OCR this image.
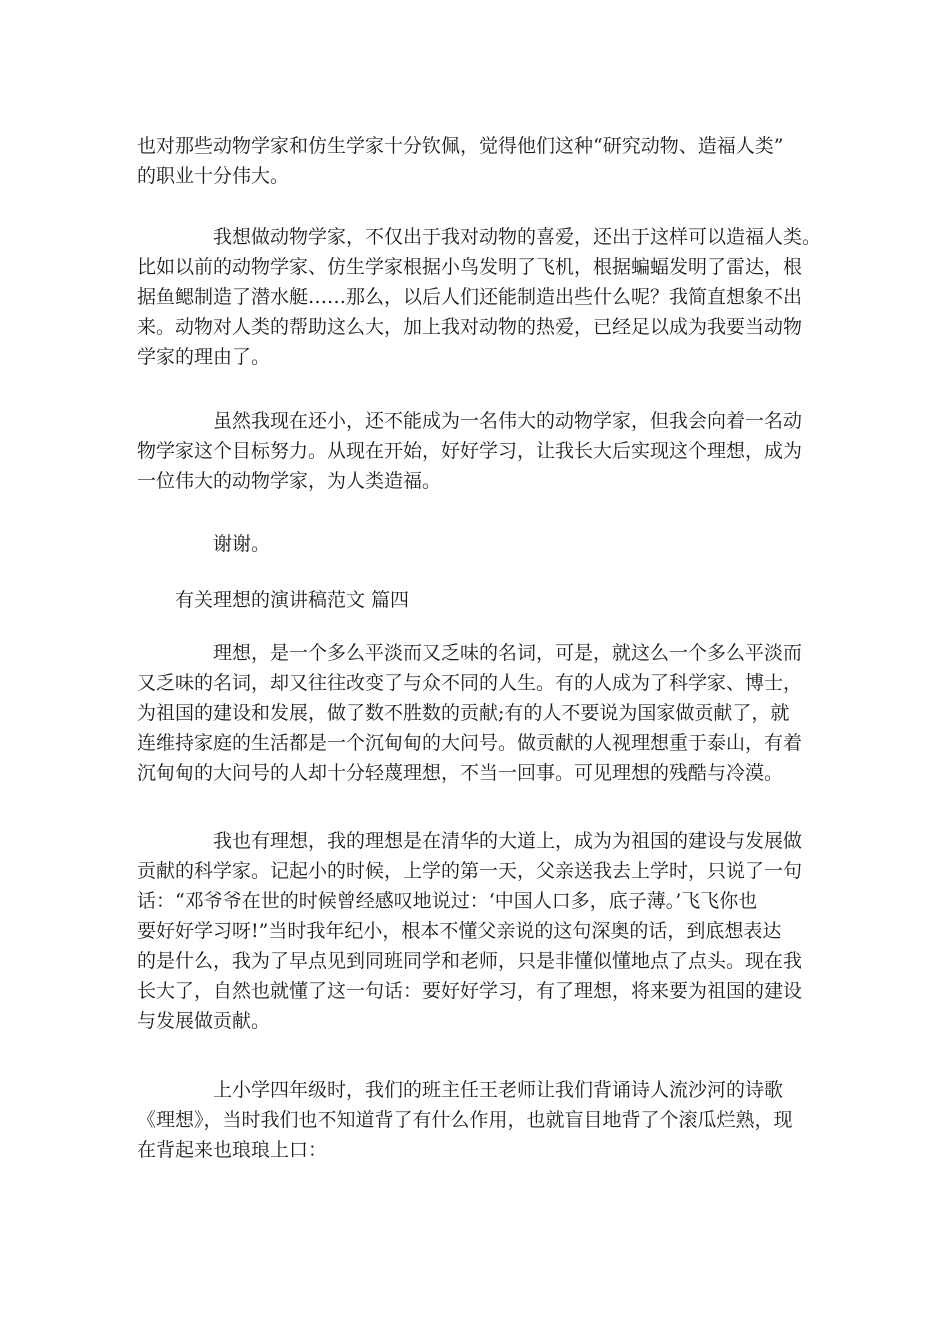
也对那些动物学家和仿生学家十分钦佩，觉得他们这种“研究动物、造福人类”
的职业十分伟大。

我想做动物学家，不仅出于我对动物的喜爱，还出于这样可以造福人类。
比如以前的动物学家、仿生学家根据小鸟发明了飞机，根据蝙蝠发明了雷达，根
据鱼鳃制造了潜水艇……那么，以后人们还能制造出些什么呢？我简直想象不出
来。动物对人类的帮助这么大，加上我对动物的热爱，已经足以成为我要当动物
学家的理由了。

虽然我现在还小，还不能成为一名伟大的动物学家，但我会向着一名动
物学家这个目标努力。从现在开始，好好学习，让我长大后实现这个理想，成为
一位伟大的动物学家，为人类造福。

谢谢。

有关理想的演讲稿范文 篇四

理想，是一个多么平淡而又乏味的名词，可是，就这么一个多么平淡而
又乏味的名词，却又往往改变了与众不同的人生。有的人成为了科学家、博士，
为祖国的建设和发展，做了数不胜数的贡献;有的人不要说为国家做贡献了，就
连维持家庭的生活都是一个沉甸甸的大问号。做贡献的人视理想重于泰山，有着
沉甸甸的大问号的人却十分轻蔑理想，不当一回事。可见理想的残酷与冷漠。

我也有理想，我的理想是在清华的大道上，成为为祖国的建设与发展做
贡献的科学家。记起小的时候，上学的第一天，父亲送我去上学时，只说了一句
话：“邓爷爷在世的时候曾经感叹地说过：‘中国人口多，底子薄。’飞飞你也
要好好学习呀!”当时我年纪小，根本不懂父亲说的这句深奥的话，到底想表达
的是什么，我为了早点见到同班同学和老师，只是非懂似懂地点了点头。现在我
长大了，自然也就懂了这一句话：要好好学习，有了理想，将来要为祖国的建设
与发展做贡献。

上小学四年级时，我们的班主任王老师让我们背诵诗人流沙河的诗歌
《理想》，当时我们也不知道背了有什么作用，也就盲目地背了个滚瓜烂熟，现
在背起来也琅琅上口：
